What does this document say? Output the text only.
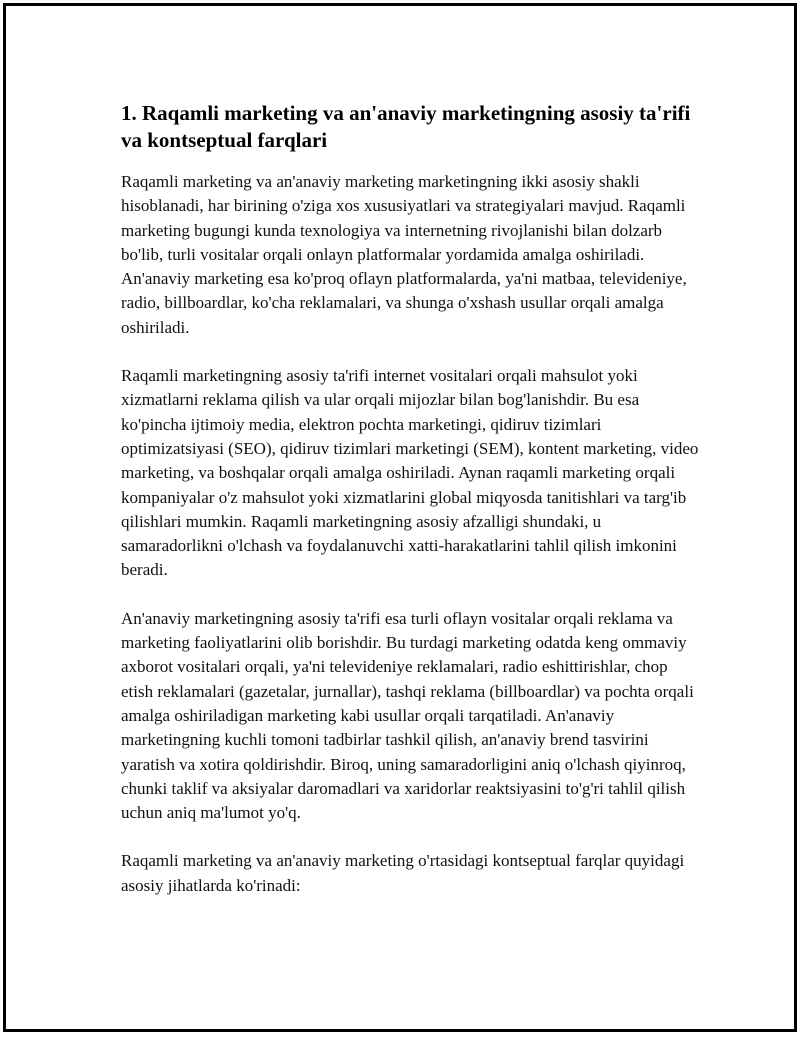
1. Raqamli marketing va an'anaviy marketingning asosiy ta'rifi va kontseptual farqlari

Raqamli marketing va an'anaviy marketing marketingning ikki asosiy shakli hisoblanadi, har birining o'ziga xos xususiyatlari va strategiyalari mavjud. Raqamli marketing bugungi kunda texnologiya va internetning rivojlanishi bilan dolzarb bo'lib, turli vositalar orqali onlayn platformalar yordamida amalga oshiriladi. An'anaviy marketing esa ko'proq oflayn platformalarda, ya'ni matbaa, televideniye, radio, billboardlar, ko'cha reklamalari, va shunga o'xshash usullar orqali amalga oshiriladi.

Raqamli marketingning asosiy ta'rifi internet vositalari orqali mahsulot yoki xizmatlarni reklama qilish va ular orqali mijozlar bilan bog'lanishdir. Bu esa ko'pincha ijtimoiy media, elektron pochta marketingi, qidiruv tizimlari optimizatsiyasi (SEO), qidiruv tizimlari marketingi (SEM), kontent marketing, video marketing, va boshqalar orqali amalga oshiriladi. Aynan raqamli marketing orqali kompaniyalar o'z mahsulot yoki xizmatlarini global miqyosda tanitishlari va targ'ib qilishlari mumkin. Raqamli marketingning asosiy afzalligi shundaki, u samaradorlikni o'lchash va foydalanuvchi xatti-harakatlarini tahlil qilish imkonini beradi.

An'anaviy marketingning asosiy ta'rifi esa turli oflayn vositalar orqali reklama va marketing faoliyatlarini olib borishdir. Bu turdagi marketing odatda keng ommaviy axborot vositalari orqali, ya'ni televideniye reklamalari, radio eshittirishlar, chop etish reklamalari (gazetalar, jurnallar), tashqi reklama (billboardlar) va pochta orqali amalga oshiriladigan marketing kabi usullar orqali tarqatiladi. An'anaviy marketingning kuchli tomoni tadbirlar tashkil qilish, an'anaviy brend tasvirini yaratish va xotira qoldirishdir. Biroq, uning samaradorligini aniq o'lchash qiyinroq, chunki taklif va aksiyalar daromadlari va xaridorlar reaktsiyasini to'g'ri tahlil qilish uchun aniq ma'lumot yo'q.

Raqamli marketing va an'anaviy marketing o'rtasidagi kontseptual farqlar quyidagi asosiy jihatlarda ko'rinadi:
